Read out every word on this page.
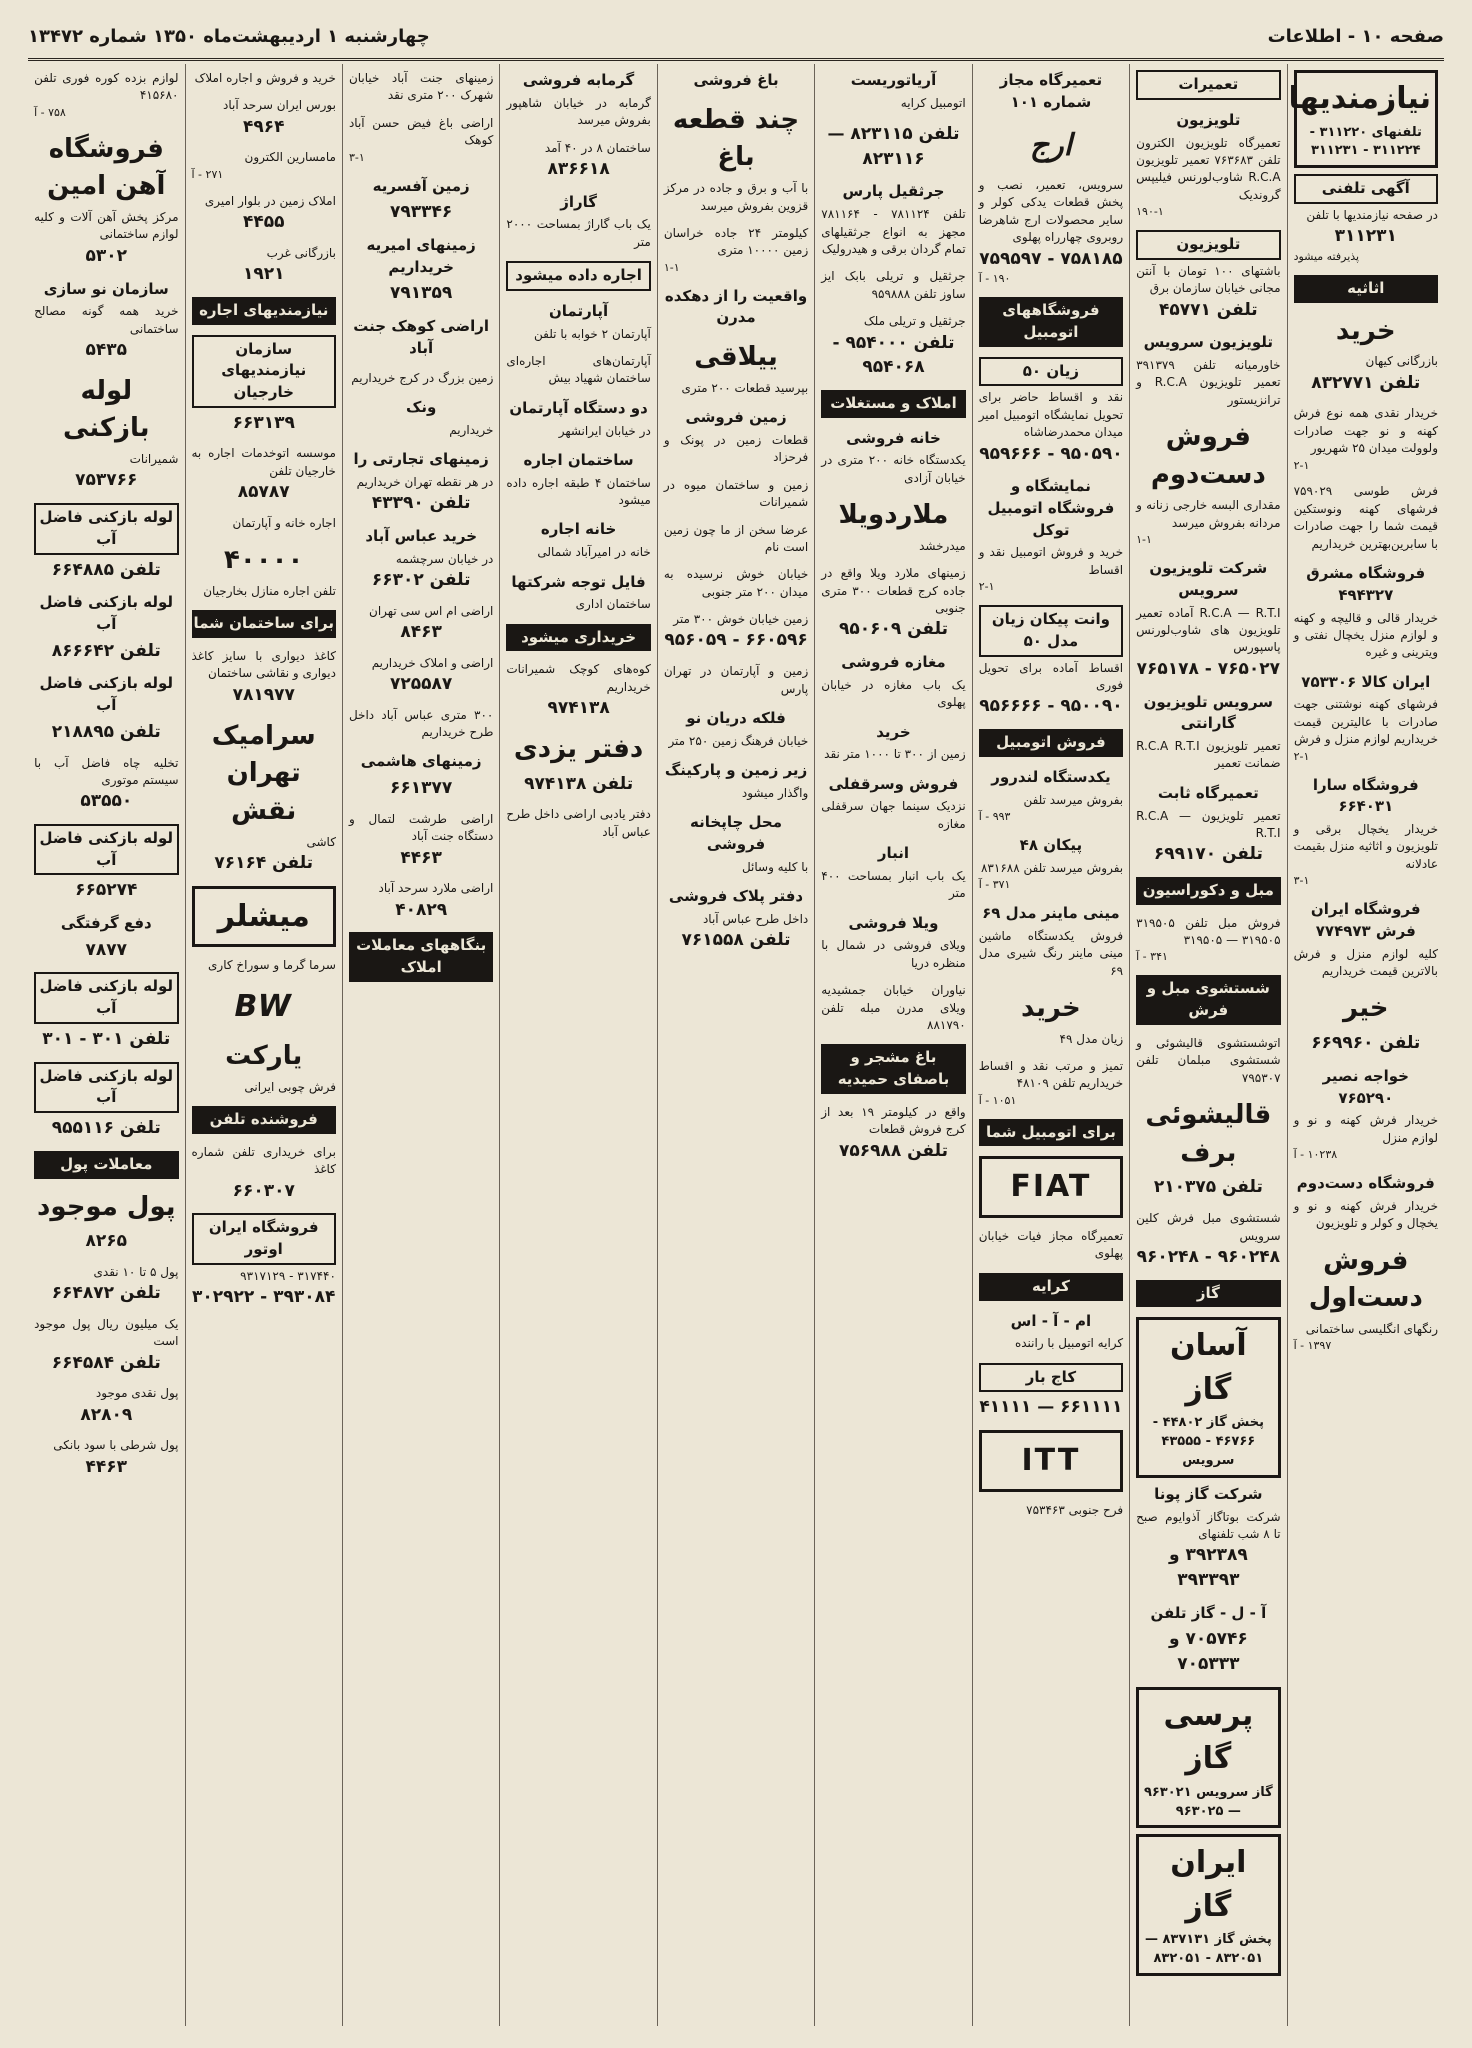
صفحه ۱۰ - اطلاعات
چهارشنبه ۱ اردیبهشت‌ماه ۱۳۵۰ شماره ۱۳۴۷۲
نیازمندیها
تلفنهای ۳۱۱۲۲۰ - ۳۱۱۲۲۴ - ۳۱۱۲۳۱
آگهی تلفنی
در صفحه نیازمندیها با تلفن
۳۱۱۲۳۱
پذیرفته میشود
اثاثیه
خرید
بازرگانی کیهان
تلفن ۸۳۲۷۷۱
خریدار نقدی همه نوع فرش کهنه و نو جهت صادرات ولوولت میدان ۲۵ شهریور
۲-۱
فرش طوسی ۷۵۹۰۲۹ فرشهای کهنه ونوستکین قیمت شما را جهت صادرات با سابرین‌بهترین خریداریم
فروشگاه مشرق ۴۹۴۳۲۷
خریدار قالی و قالیچه و کهنه و لوازم منزل یخچال نفتی و ویترینی و غیره
ایران کالا ۷۵۳۳۰۶
فرشهای کهنه نوشتنی جهت صادرات با عالیترین قیمت خریداریم لوازم منزل و فرش
۲-۱
فروشگاه سارا ۶۶۴۰۳۱
خریدار یخچال برقی و تلویزیون و اثاثیه منزل بقیمت عادلانه
۳-۱
فروشگاه ایران فرش ۷۷۴۹۷۳
کلیه لوازم منزل و فرش بالاترین قیمت خریداریم
خیر
تلفن ۶۶۹۹۶۰
خواجه نصیر ۷۶۵۲۹۰
خریدار فرش کهنه و نو و لوازم منزل
۱۰۲۳۸ - آ
فروشگاه دست‌دوم
خریدار فرش کهنه و نو و یخچال و کولر و تلویزیون
فروش دست‌اول
رنگهای انگلیسی ساختمانی
۱۳۹۷ - آ
تعمیرات
تلویزیون
تعمیرگاه تلویزیون الکترون تلفن ۷۶۳۶۸۳ تعمیر تلویزیون R.C.A شاوب‌لورنس فیلیپس گروندیک
۱۹۰-۱
تلویزیون
باشتهای ۱۰۰ تومان با آنتن مجانی خیابان سازمان برق
تلفن ۴۵۷۷۱
تلویزیون سرویس
خاورمیانه تلفن ۳۹۱۳۷۹ تعمیر تلویزیون R.C.A و ترانزیستور
فروش دست‌دوم
مقداری البسه خارجی زنانه و مردانه بفروش میرسد
۱-۱
شرکت تلویزیون سرویس
R.C.A — R.T.I آماده تعمیر تلویزیون های شاوب‌لورنس پاسپورس
۷۶۵۰۲۷ - ۷۶۵۱۷۸
سرویس تلویزیون گارانتی
تعمیر تلویزیون R.C.A R.T.I ضمانت تعمیر
تعمیرگاه ثابت
تعمیر تلویزیون R.C.A — R.T.I
تلفن ۶۹۹۱۷۰
مبل و دکوراسیون
فروش مبل تلفن ۳۱۹۵۰۵ ۳۱۹۵۰۵ — ۳۱۹۵۰۵
۳۴۱ - آ
شستشوی مبل و فرش
اتوشستشوی قالیشوئی و شستشوی مبلمان تلفن ۷۹۵۳۰۷
قالیشوئی برف
تلفن ۲۱۰۳۷۵
شستشوی مبل فرش کلین سرویس
۹۶۰۲۴۸ - ۹۶۰۲۴۸
گاز
آسان گاز
پخش گاز ۴۴۸۰۲ - ۴۶۷۶۶ - ۴۳۵۵۵ سرویس
شرکت گاز پونا
شرکت بوتاگاز آذوایوم صبح تا ۸ شب تلفنهای
۳۹۲۳۸۹ و ۳۹۳۳۹۳
آ - ل - گاز تلفن
۷۰۵۷۴۶ و ۷۰۵۳۳۳
پرسی گاز
گاز سرویس ۹۶۳۰۲۱ — ۹۶۳۰۲۵
ایران گاز
پخش گاز ۸۳۷۱۳۱ — ۸۳۲۰۵۱ - ۸۳۲۰۵۱
تعمیرگاه مجاز شماره ۱۰۱
ارج
سرویس، تعمیر، نصب و پخش قطعات یدکی کولر و سایر محصولات ارج شاهرضا روبروی چهارراه پهلوی
۷۵۸۱۸۵ - ۷۵۹۵۹۷
۱۹۰ - آ
فروشگاههای اتومبیل
زیان ۵۰
نقد و اقساط حاضر برای تحویل نمایشگاه اتومبیل امیر میدان محمدرضاشاه
۹۵۰۵۹۰ - ۹۵۹۶۶۶
نمایشگاه و فروشگاه اتومبیل توکل
خرید و فروش اتومبیل نقد و اقساط
۲-۱
وانت پیکان زیان مدل ۵۰
اقساط آماده برای تحویل فوری
۹۵۰۰۹۰ - ۹۵۶۶۶۶
فروش اتومبیل
یکدستگاه لندرور
بفروش میرسد تلفن
۹۹۳ - آ
پیکان ۴۸
بفروش میرسد تلفن ۸۳۱۶۸۸
۳۷۱ - آ
مینی ماینر مدل ۶۹
فروش یکدستگاه ماشین مینی ماینر رنگ شیری مدل ۶۹
خرید
زیان مدل ۴۹
تمیز و مرتب نقد و اقساط خریداریم تلفن ۴۸۱۰۹
۱۰۵۱ - آ
برای اتومبیل شما
FIAT
تعمیرگاه مجاز فیات خیابان پهلوی
کرایه
ام - آ - اس
کرایه اتومبیل با راننده
کاج بار
۶۶۱۱۱۱ — ۴۱۱۱۱
ITT
فرح جنوبی ۷۵۳۴۶۳
آریاتوریست
اتومبیل کرایه
تلفن ۸۲۳۱۱۵ — ۸۲۳۱۱۶
جرثقیل پارس
تلفن ۷۸۱۱۲۴ - ۷۸۱۱۶۴ مجهز به انواع جرثقیلهای تمام گردان برقی و هیدرولیک
جرثقیل و تریلی بابک ایز ساوز تلفن ۹۵۹۸۸۸
جرثقیل و تریلی ملک
تلفن ۹۵۴۰۰۰ - ۹۵۴۰۶۸
املاک و مستغلات
خانه فروشی
یکدستگاه خانه ۲۰۰ متری در خیابان آزادی
ملاردویلا
میدرخشد
زمینهای ملارد ویلا واقع در جاده کرج قطعات ۳۰۰ متری جنوبی
تلفن ۹۵۰۶۰۹
مغازه فروشی
یک باب مغازه در خیابان پهلوی
خرید
زمین از ۳۰۰ تا ۱۰۰۰ متر نقد
فروش وسرقفلی
نزدیک سینما جهان سرقفلی مغازه
انبار
یک باب انبار بمساحت ۴۰۰ متر
ویلا فروشی
ویلای فروشی در شمال با منظره دریا
نیاوران خیابان جمشیدیه ویلای مدرن مبله تلفن ۸۸۱۷۹۰
باغ مشجر و باصفای حمیدیه
واقع در کیلومتر ۱۹ بعد از کرج فروش قطعات
تلفن ۷۵۶۹۸۸
باغ فروشی
چند قطعه باغ
با آب و برق و جاده در مرکز قزوین بفروش میرسد
کیلومتر ۲۴ جاده خراسان زمین ۱۰۰۰۰ متری
۱-۱
واقعیت را از دهکده مدرن
ییلاقی
بپرسید قطعات ۲۰۰ متری
زمین فروشی
قطعات زمین در پونک و فرحزاد
زمین و ساختمان میوه در شمیرانات
عرضا سخن از ما چون زمین است نام
خیابان خوش نرسیده به میدان ۲۰۰ متر جنوبی
زمین خیابان خوش ۳۰۰ متر
۶۶۰۵۹۶ - ۹۵۶۰۵۹
زمین و آپارتمان در تهران پارس
فلکه دریان نو
خیابان فرهنگ زمین ۲۵۰ متر
زیر زمین و پارکینگ
واگذار میشود
محل چاپخانه فروشی
با کلیه وسائل
دفتر پلاک فروشی
داخل طرح عباس آباد
تلفن ۷۶۱۵۵۸
گرمابه فروشی
گرمابه در خیابان شاهپور بفروش میرسد
ساختمان ۸ در ۴۰ آمد
۸۳۶۶۱۸
گاراژ
یک باب گاراژ بمساحت ۲۰۰۰ متر
اجاره داده میشود
آپارتمان
آپارتمان ۲ خوابه با تلفن
آپارتمان‌های اجاره‌ای ساختمان شهیاد بیش
دو دستگاه آپارتمان
در خیابان ایرانشهر
ساختمان اجاره
ساختمان ۴ طبقه اجاره داده میشود
خانه اجاره
خانه در امیرآباد شمالی
فایل توجه شرکتها
ساختمان اداری
خریداری میشود
کوه‌های کوچک شمیرانات خریداریم
۹۷۴۱۳۸
دفتر یزدی
تلفن ۹۷۴۱۳۸
دفتر یادبی اراضی داخل طرح عباس آباد
زمینهای جنت آباد خیابان شهرک ۲۰۰ متری نقد
اراضی باغ فیض حسن آباد کوهک
۳-۱
زمین آفسریه
۷۹۳۳۴۶
زمینهای امیریه خریداریم
۷۹۱۳۵۹
اراضی کوهک جنت آباد
زمین بزرگ در کرج خریداریم
ونک
خریداریم
زمینهای تجارتی را
در هر نقطه تهران خریداریم
تلفن ۴۳۳۹۰
خرید عباس آباد
در خیابان سرچشمه
تلفن ۶۶۳۰۲
اراضی ام اس سی تهران
۸۴۶۳
اراضی و املاک خریداریم
۷۲۵۵۸۷
۳۰۰ متری عباس آباد داخل طرح خریداریم
زمینهای هاشمی
۶۶۱۳۷۷
اراضی طرشت لتمال و دستگاه جنت آباد
۴۴۶۳
اراضی ملارد سرحد آباد
۴۰۸۲۹
بنگاههای معاملات املاک
خرید و فروش و اجاره املاک
بورس ایران سرحد آباد
۴۹۶۴
مامسارین الکترون
۲۷۱ - آ
املاک زمین در بلوار امیری
۴۴۵۵
بازرگانی غرب
۱۹۲۱
نیازمندیهای اجاره
سازمان نیازمندیهای خارجیان
۶۶۳۱۳۹
موسسه اتوخدمات اجاره به خارجیان تلفن
۸۵۷۸۷
اجاره خانه و آپارتمان
۴۰۰۰۰
تلفن اجاره منازل بخارجیان
برای ساختمان شما
کاغذ دیواری با سایز کاغذ دیواری و نقاشی ساختمان
۷۸۱۹۷۷
سرامیک تهران نقش
کاشی
تلفن ۷۶۱۶۴
میشلر
سرما گرما و سوراخ کاری
BW
یارکت
فرش چوبی ایرانی
فروشنده تلفن
برای خریداری تلفن شماره کاغذ
۶۶۰۳۰۷
فروشگاه ایران اوتور
۳۱۷۴۴۰ - ۹۳۱۷۱۲۹
۳۹۳۰۸۴ - ۳۰۲۹۲۲
لوازم بزده کوره فوری تلفن ۴۱۵۶۸۰
۷۵۸ - آ
فروشگاه آهن امین
مرکز پخش آهن آلات و کلیه لوازم ساختمانی
۵۳۰۲
سازمان نو سازی
خرید همه گونه مصالح ساختمانی
۵۴۳۵
لوله بازکنی
شمیرانات
۷۵۳۷۶۶
لوله بازکنی فاضل آب
تلفن ۶۶۴۸۸۵
لوله بازکنی فاضل آب
تلفن ۸۶۶۶۴۲
لوله بازکنی فاضل آب
تلفن ۲۱۸۸۹۵
تخلیه چاه فاضل آب با سیستم موتوری
۵۳۵۵۰
لوله بازکنی فاضل آب
۶۶۵۲۷۴
دفع گرفتگی
۷۸۷۷
لوله بازکنی فاضل آب
تلفن ۳۰۱ - ۳۰۱
لوله بازکنی فاضل آب
تلفن ۹۵۵۱۱۶
معاملات پول
پول موجود
۸۲۶۵
پول ۵ تا ۱۰ نقدی
تلفن ۶۶۴۸۷۲
یک میلیون ریال پول موجود است
تلفن ۶۶۴۵۸۴
پول نقدی موجود
۸۲۸۰۹
پول شرطی با سود بانکی
۴۴۶۳
